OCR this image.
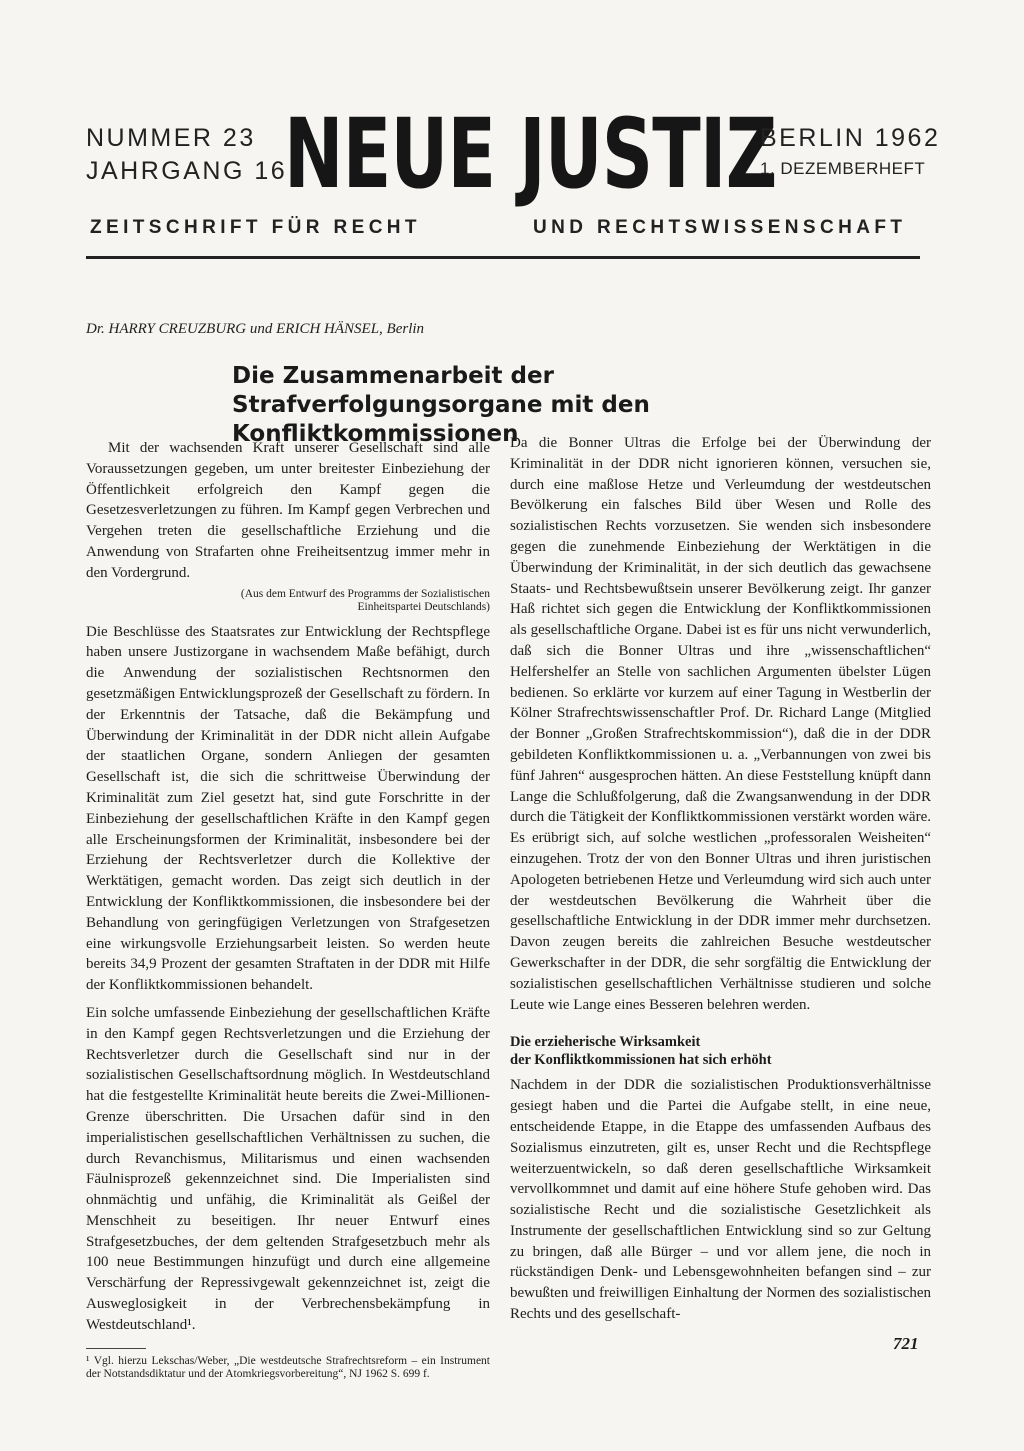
NUMMER 23
JAHRGANG 16
NEUE JUSTIZ
BERLIN 1962
1. DEZEMBERHEFT
ZEITSCHRIFT FÜR RECHT	UND RECHTSWISSENSCHAFT
Dr. HARRY CREUZBURG und ERICH HÄNSEL, Berlin
Die Zusammenarbeit der Strafverfolgungsorgane mit den Konfliktkommissionen

Mit der wachsenden Kraft unserer Gesellschaft sind alle Voraussetzungen gegeben, um unter breitester Einbeziehung der Öffentlichkeit erfolgreich den Kampf gegen die Gesetzesverletzungen zu führen. Im Kampf gegen Verbrechen und Vergehen treten die gesellschaftliche Erziehung und die Anwendung von Strafarten ohne Freiheitsentzug immer mehr in den Vordergrund.

(Aus dem Entwurf des Programms der Sozialistischen Einheitspartei Deutschlands)

Die Beschlüsse des Staatsrates zur Entwicklung der Rechtspflege haben unsere Justizorgane in wachsendem Maße befähigt, durch die Anwendung der sozialistischen Rechtsnormen den gesetzmäßigen Entwicklungsprozeß der Gesellschaft zu fördern. In der Erkenntnis der Tatsache, daß die Bekämpfung und Überwindung der Kriminalität in der DDR nicht allein Aufgabe der staatlichen Organe, sondern Anliegen der gesamten Gesellschaft ist, die sich die schrittweise Überwindung der Kriminalität zum Ziel gesetzt hat, sind gute Forschritte in der Einbeziehung der gesellschaftlichen Kräfte in den Kampf gegen alle Erscheinungsformen der Kriminalität, insbesondere bei der Erziehung der Rechtsverletzer durch die Kollektive der Werktätigen, gemacht worden. Das zeigt sich deutlich in der Entwicklung der Konfliktkommissionen, die insbesondere bei der Behandlung von geringfügigen Verletzungen von Strafgesetzen eine wirkungsvolle Erziehungsarbeit leisten. So werden heute bereits 34,9 Prozent der gesamten Straftaten in der DDR mit Hilfe der Konfliktkommissionen behandelt.

Ein solche umfassende Einbeziehung der gesellschaftlichen Kräfte in den Kampf gegen Rechtsverletzungen und die Erziehung der Rechtsverletzer durch die Gesellschaft sind nur in der sozialistischen Gesellschaftsordnung möglich. In Westdeutschland hat die festgestellte Kriminalität heute bereits die Zwei-Millionen-Grenze überschritten. Die Ursachen dafür sind in den imperialistischen gesellschaftlichen Verhältnissen zu suchen, die durch Revanchismus, Militarismus und einen wachsenden Fäulnisprozeß gekennzeichnet sind. Die Imperialisten sind ohnmächtig und unfähig, die Kriminalität als Geißel der Menschheit zu beseitigen. Ihr neuer Entwurf eines Strafgesetzbuches, der dem geltenden Strafgesetzbuch mehr als 100 neue Bestimmungen hinzufügt und durch eine allgemeine Verschärfung der Repressivgewalt gekennzeichnet ist, zeigt die Ausweglosigkeit in der Verbrechensbekämpfung in Westdeutschland¹.

¹ Vgl. hierzu Lekschas/Weber, „Die westdeutsche Strafrechtsreform – ein Instrument der Notstandsdiktatur und der Atomkriegsvorbereitung“, NJ 1962 S. 699 f.

Da die Bonner Ultras die Erfolge bei der Überwindung der Kriminalität in der DDR nicht ignorieren können, versuchen sie, durch eine maßlose Hetze und Verleumdung der westdeutschen Bevölkerung ein falsches Bild über Wesen und Rolle des sozialistischen Rechts vorzusetzen. Sie wenden sich insbesondere gegen die zunehmende Einbeziehung der Werktätigen in die Überwindung der Kriminalität, in der sich deutlich das gewachsene Staats- und Rechtsbewußtsein unserer Bevölkerung zeigt. Ihr ganzer Haß richtet sich gegen die Entwicklung der Konfliktkommissionen als gesellschaftliche Organe. Dabei ist es für uns nicht verwunderlich, daß sich die Bonner Ultras und ihre „wissenschaftlichen“ Helfershelfer an Stelle von sachlichen Argumenten übelster Lügen bedienen. So erklärte vor kurzem auf einer Tagung in Westberlin der Kölner Strafrechtswissenschaftler Prof. Dr. Richard Lange (Mitglied der Bonner „Großen Strafrechtskommission“), daß die in der DDR gebildeten Konfliktkommissionen u. a. „Verbannungen von zwei bis fünf Jahren“ ausgesprochen hätten. An diese Feststellung knüpft dann Lange die Schlußfolgerung, daß die Zwangsanwendung in der DDR durch die Tätigkeit der Konfliktkommissionen verstärkt worden wäre. Es erübrigt sich, auf solche westlichen „professoralen Weisheiten“ einzugehen. Trotz der von den Bonner Ultras und ihren juristischen Apologeten betriebenen Hetze und Verleumdung wird sich auch unter der westdeutschen Bevölkerung die Wahrheit über die gesellschaftliche Entwicklung in der DDR immer mehr durchsetzen. Davon zeugen bereits die zahlreichen Besuche westdeutscher Gewerkschafter in der DDR, die sehr sorgfältig die Entwicklung der sozialistischen gesellschaftlichen Verhältnisse studieren und solche Leute wie Lange eines Besseren belehren werden.

Die erzieherische Wirksamkeit
der Konfliktkommissionen hat sich erhöht

Nachdem in der DDR die sozialistischen Produktionsverhältnisse gesiegt haben und die Partei die Aufgabe stellt, in eine neue, entscheidende Etappe, in die Etappe des umfassenden Aufbaus des Sozialismus einzutreten, gilt es, unser Recht und die Rechtspflege weiterzuentwickeln, so daß deren gesellschaftliche Wirksamkeit vervollkommnet und damit auf eine höhere Stufe gehoben wird. Das sozialistische Recht und die sozialistische Gesetzlichkeit als Instrumente der gesellschaftlichen Entwicklung sind so zur Geltung zu bringen, daß alle Bürger – und vor allem jene, die noch in rückständigen Denk- und Lebensgewohnheiten befangen sind – zur bewußten und freiwilligen Einhaltung der Normen des sozialistischen Rechts und des gesellschaft-

721
